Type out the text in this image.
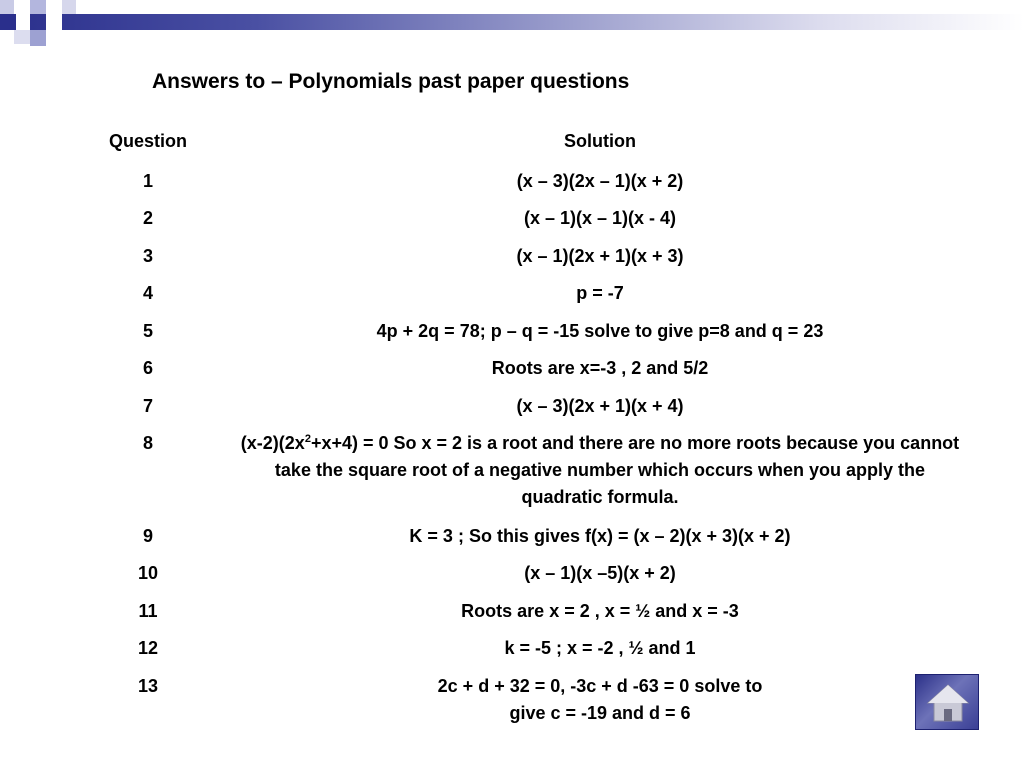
Answers to – Polynomials past paper questions
Question	Solution
1	(x – 3)(2x – 1)(x + 2)
2	(x – 1)(x – 1)(x - 4)
3	(x – 1)(2x + 1)(x + 3)
4	p = -7
5	4p + 2q = 78; p – q = -15 solve to give p=8 and q = 23
6	Roots are x=-3 , 2 and 5/2
7	(x – 3)(2x + 1)(x + 4)
8	$(x-2)(2x^2+x+4) = 0$ So x = 2 is a root and there are no more roots because you cannot take the square root of a negative number which occurs when you apply the quadratic formula.
9	K = 3 ; So this gives f(x) = (x – 2)(x + 3)(x + 2)
10	(x – 1)(x –5)(x + 2)
11	Roots are x = 2 , x = ½ and x = -3
12	k = -5 ; x = -2 , ½ and 1
13	2c + d + 32 = 0, -3c + d -63 = 0 solve to
give c = -19 and d = 6
